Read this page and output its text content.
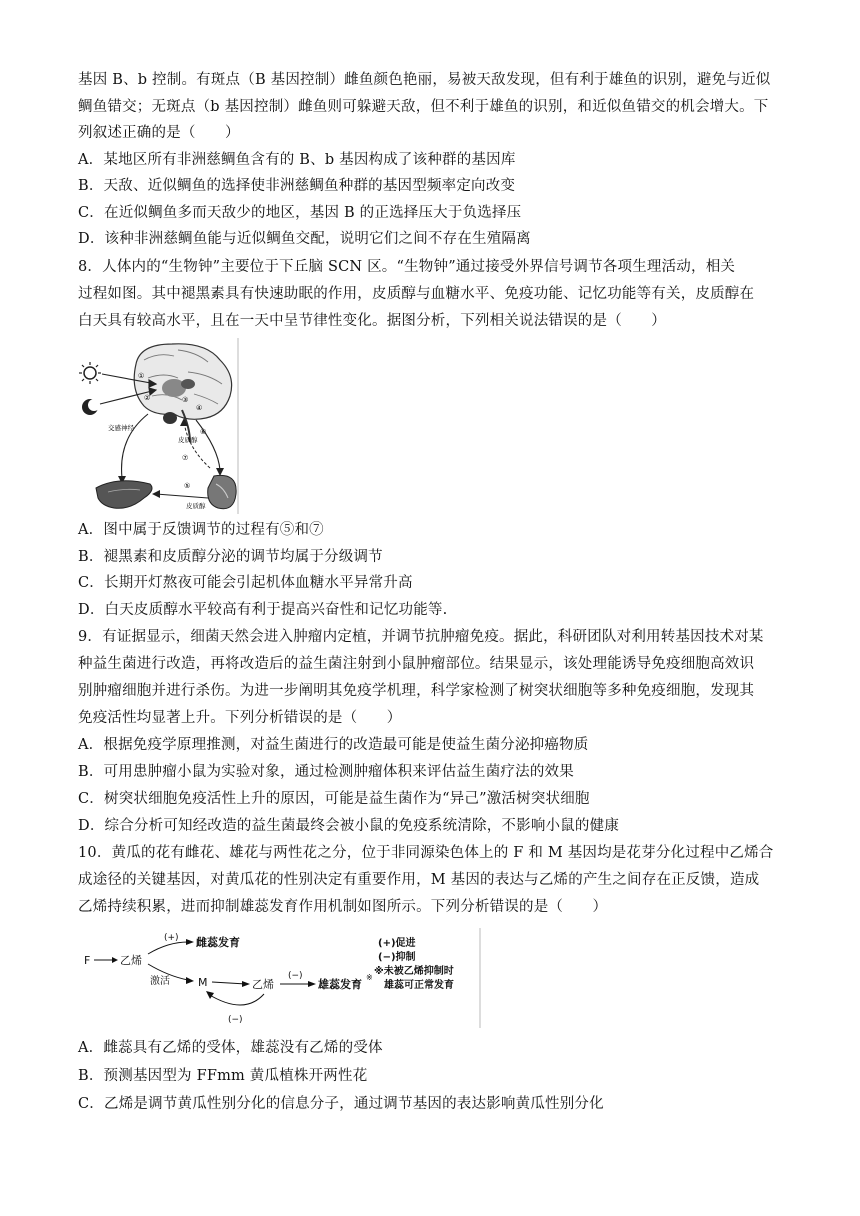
基因 B、b 控制。有斑点（B 基因控制）雌鱼颜色艳丽，易被天敌发现，但有利于雄鱼的识别，避免与近似
鲷鱼错交；无斑点（b 基因控制）雌鱼则可躲避天敌，但不利于雄鱼的识别，和近似鱼错交的机会增大。下
列叙述正确的是（　　）
A．某地区所有非洲慈鲷鱼含有的 B、b 基因构成了该种群的基因库
B．天敌、近似鲷鱼的选择使非洲慈鲷鱼种群的基因型频率定向改变
C．在近似鲷鱼多而天敌少的地区，基因 B 的正选择压大于负选择压
D．该种非洲慈鲷鱼能与近似鲷鱼交配，说明它们之间不存在生殖隔离
8．人体内的“生物钟”主要位于下丘脑 SCN 区。“生物钟”通过接受外界信号调节各项生理活动，相关
过程如图。其中褪黑素具有快速助眠的作用，皮质醇与血糖水平、免疫功能、记忆功能等有关，皮质醇在
白天具有较高水平，且在一天中呈节律性变化。据图分析，下列相关说法错误的是（　　）
①
②	③
④
交感神经
皮质醇
⑥
⑦
⑤
皮质醇
A．图中属于反馈调节的过程有⑤和⑦
B．褪黑素和皮质醇分泌的调节均属于分级调节
C．长期开灯熬夜可能会引起机体血糖水平异常升高
D．白天皮质醇水平较高有利于提高兴奋性和记忆功能等.
9．有证据显示，细菌天然会进入肿瘤内定植，并调节抗肿瘤免疫。据此，科研团队对利用转基因技术对某
种益生菌进行改造，再将改造后的益生菌注射到小鼠肿瘤部位。结果显示，该处理能诱导免疫细胞高效识
别肿瘤细胞并进行杀伤。为进一步阐明其免疫学机理，科学家检测了树突状细胞等多种免疫细胞，发现其
免疫活性均显著上升。下列分析错误的是（　　）
A．根据免疫学原理推测，对益生菌进行的改造最可能是使益生菌分泌抑癌物质
B．可用患肿瘤小鼠为实验对象，通过检测肿瘤体积来评估益生菌疗法的效果
C．树突状细胞免疫活性上升的原因，可能是益生菌作为“异己”激活树突状细胞
D．综合分析可知经改造的益生菌最终会被小鼠的免疫系统清除，不影响小鼠的健康
10．黄瓜的花有雌花、雄花与两性花之分，位于非同源染色体上的 F 和 M 基因均是花芽分化过程中乙烯合
成途径的关键基因，对黄瓜花的性别决定有重要作用，M 基因的表达与乙烯的产生之间存在正反馈，造成
乙烯持续积累，进而抑制雄蕊发育作用机制如图所示。下列分析错误的是（　　）
F	乙烯
(+) 雌蕊发育
激活	M	乙烯
(−)
(−)
雄蕊发育
※
(+)促进
(−)抑制
※未被乙烯抑制时
雄蕊可正常发育
A．雌蕊具有乙烯的受体，雄蕊没有乙烯的受体
B．预测基因型为 FFmm 黄瓜植株开两性花
C．乙烯是调节黄瓜性别分化的信息分子，通过调节基因的表达影响黄瓜性别分化
